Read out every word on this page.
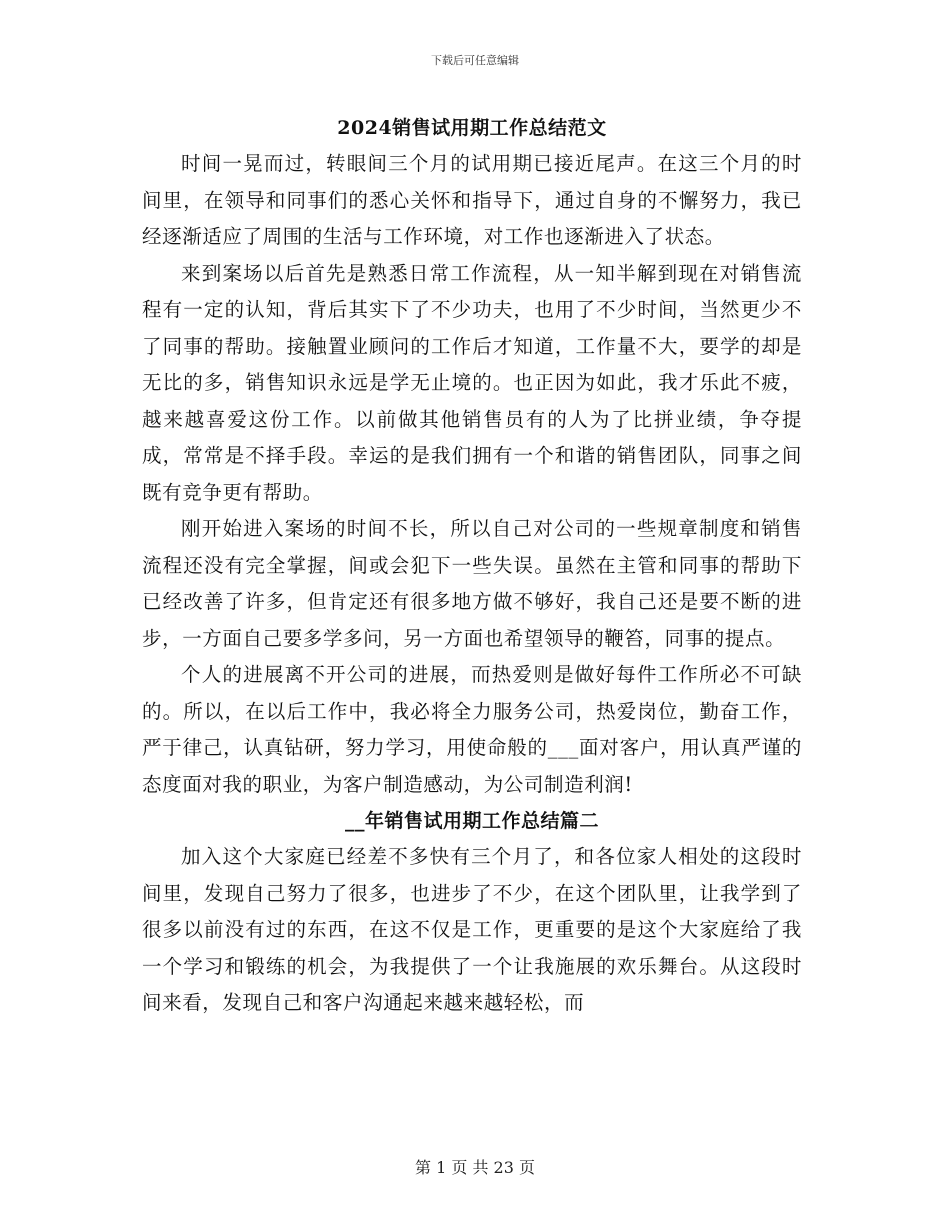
下载后可任意编辑
2024销售试用期工作总结范文

时间一晃而过，转眼间三个月的试用期已接近尾声。在这三个月的时间里，在领导和同事们的悉心关怀和指导下，通过自身的不懈努力，我已经逐渐适应了周围的生活与工作环境，对工作也逐渐进入了状态。

来到案场以后首先是熟悉日常工作流程，从一知半解到现在对销售流程有一定的认知，背后其实下了不少功夫，也用了不少时间，当然更少不了同事的帮助。接触置业顾问的工作后才知道，工作量不大，要学的却是无比的多，销售知识永远是学无止境的。也正因为如此，我才乐此不疲，越来越喜爱这份工作。以前做其他销售员有的人为了比拼业绩，争夺提成，常常是不择手段。幸运的是我们拥有一个和谐的销售团队，同事之间既有竞争更有帮助。

刚开始进入案场的时间不长，所以自己对公司的一些规章制度和销售流程还没有完全掌握，间或会犯下一些失误。虽然在主管和同事的帮助下已经改善了许多，但肯定还有很多地方做不够好，我自己还是要不断的进步，一方面自己要多学多问，另一方面也希望领导的鞭笞，同事的提点。

个人的进展离不开公司的进展，而热爱则是做好每件工作所必不可缺的。所以，在以后工作中，我必将全力服务公司，热爱岗位，勤奋工作，严于律己，认真钻研，努力学习，用使命般的___面对客户，用认真严谨的态度面对我的职业，为客户制造感动，为公司制造利润!

__年销售试用期工作总结篇二

加入这个大家庭已经差不多快有三个月了，和各位家人相处的这段时间里，发现自己努力了很多，也进步了不少，在这个团队里，让我学到了很多以前没有过的东西，在这不仅是工作，更重要的是这个大家庭给了我一个学习和锻练的机会，为我提供了一个让我施展的欢乐舞台。从这段时间来看，发现自己和客户沟通起来越来越轻松，而

第 1 页 共 23 页
